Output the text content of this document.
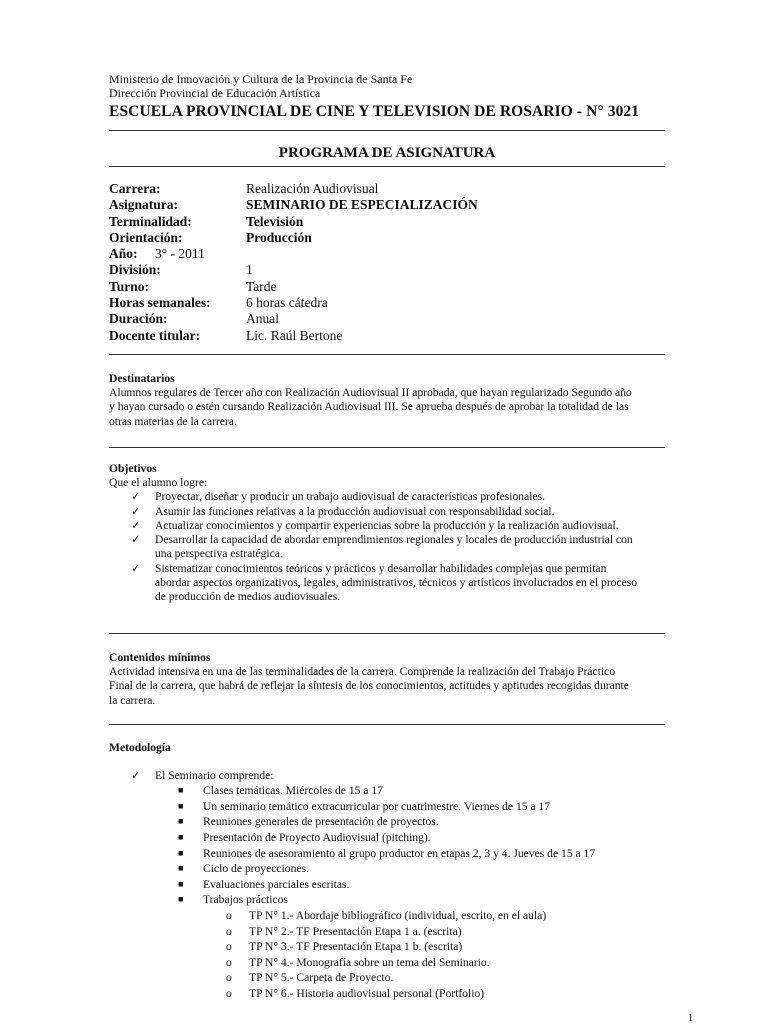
Ministerio de Innovación y Cultura de la Provincia de Santa Fe
Dirección Provincial de Educación Artística
ESCUELA PROVINCIAL DE CINE Y TELEVISION DE ROSARIO - N° 3021
PROGRAMA DE ASIGNATURA
Carrera:	Realización Audiovisual
Asignatura:	SEMINARIO DE ESPECIALIZACIÓN
Terminalidad:	Televisión
Orientación:	Producción
Año: 3° - 2011
División:	1
Turno:	Tarde
Horas semanales:	6 horas cátedra
Duración:	Anual
Docente titular:	Lic. Raúl Bertone
Destinatarios
Alumnos regulares de Tercer año con Realización Audiovisual II aprobada, que hayan regularizado Segundo año
y hayan cursado o estén cursando Realización Audiovisual III. Se aprueba después de aprobar la totalidad de las
otras materias de la carrera.
Objetivos
Que el alumno logre:
✓ Proyectar, diseñar y producir un trabajo audiovisual de características profesionales.
✓ Asumir las funciones relativas a la producción audiovisual con responsabilidad social.
✓ Actualizar conocimientos y compartir experiencias sobre la producción y la realización audiovisual.
✓ Desarrollar la capacidad de abordar emprendimientos regionales y locales de producción industrial con
una perspectiva estratégica.
✓ Sistematizar conocimientos teóricos y prácticos y desarrollar habilidades complejas que permitan
abordar aspectos organizativos, legales, administrativos, técnicos y artísticos involucrados en el proceso
de producción de medios audiovisuales.
Contenidos mínimos
Actividad intensiva en una de las terminalidades de la carrera. Comprende la realización del Trabajo Práctico
Final de la carrera, que habrá de reflejar la síntesis de los conocimientos, actitudes y aptitudes recogidas durante
la carrera.
Metodología
✓ El Seminario comprende:
■ Clases temáticas. Miércoles de 15 a 17
■ Un seminario temático extracurricular por cuatrimestre. Viernes de 15 a 17
■ Reuniones generales de presentación de proyectos.
■ Presentación de Proyecto Audiovisual (pitching).
■ Reuniones de asesoramiento al grupo productor en etapas 2, 3 y 4. Jueves de 15 a 17
■ Ciclo de proyecciones.
■ Evaluaciones parciales escritas.
■ Trabajos prácticos
o TP N° 1.- Abordaje bibliográfico (individual, escrito, en el aula)
o TP N° 2.- TF Presentación Etapa 1 a. (escrita)
o TP N° 3.- TF Presentación Etapa 1 b. (escrita)
o TP N° 4.- Monografía sobre un tema del Seminario.
o TP N° 5.- Carpeta de Proyecto.
o TP N° 6.- Historia audiovisual personal (Portfolio)
1
